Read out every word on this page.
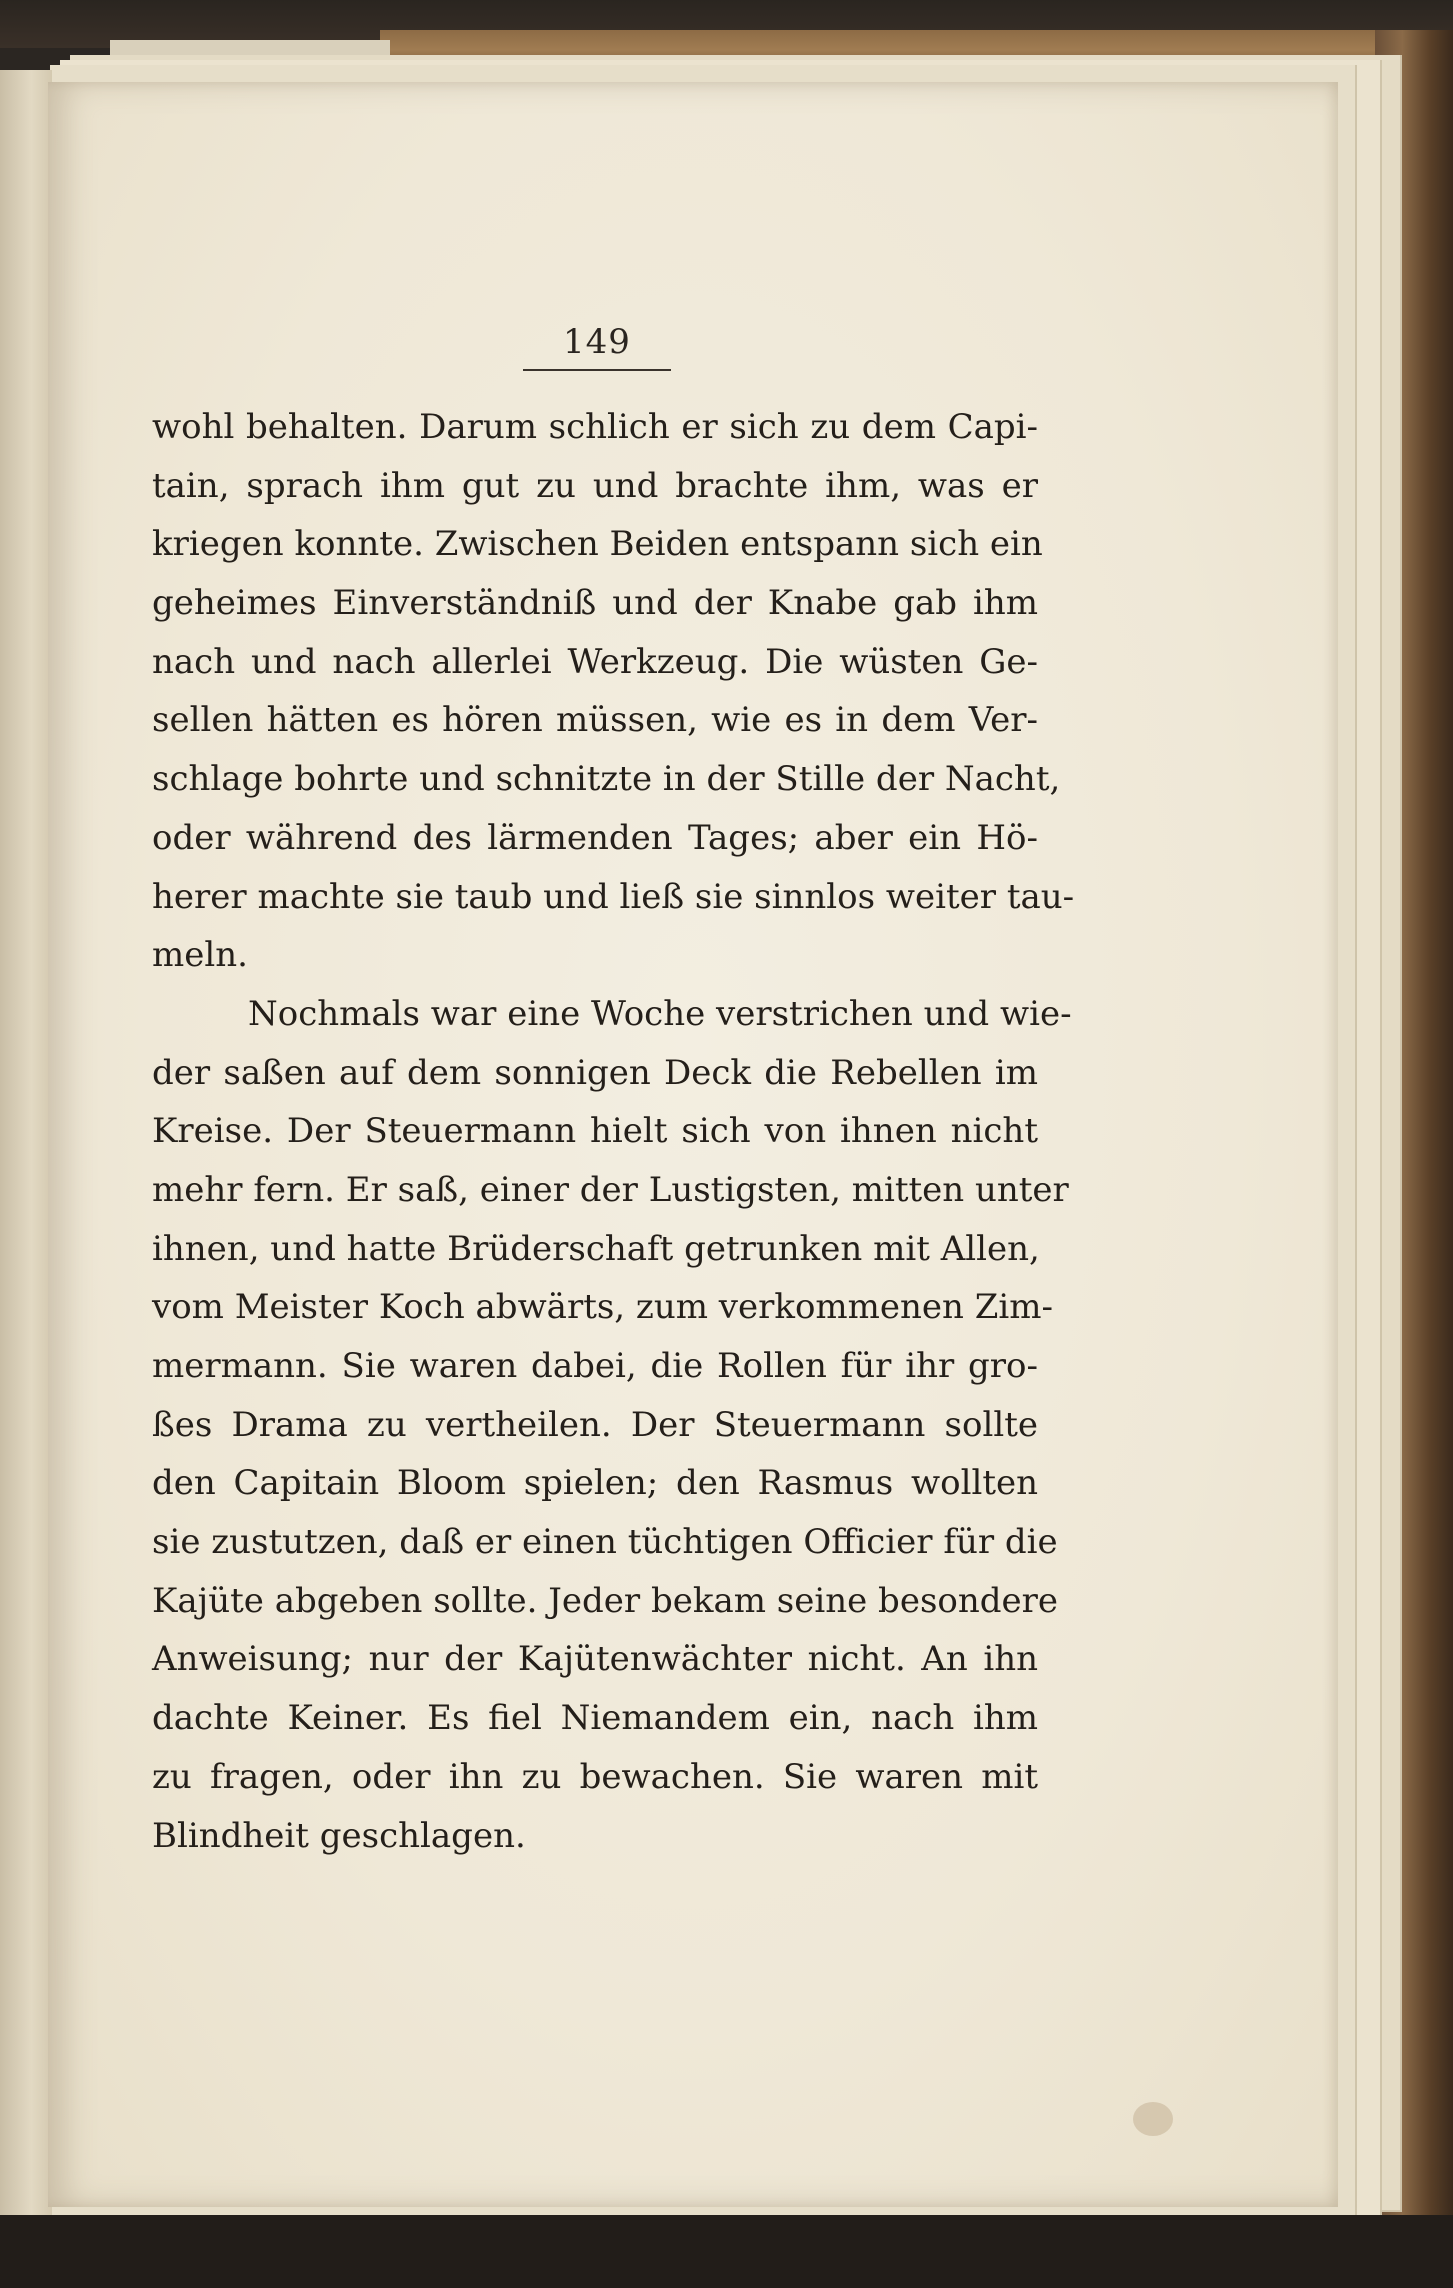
149
wohl behalten. Darum schlich er sich zu dem Capi-
tain, sprach ihm gut zu und brachte ihm, was er
kriegen konnte. Zwischen Beiden entspann sich ein
geheimes Einverständniß und der Knabe gab ihm
nach und nach allerlei Werkzeug. Die wüsten Ge-
sellen hätten es hören müssen, wie es in dem Ver-
schlage bohrte und schnitzte in der Stille der Nacht,
oder während des lärmenden Tages; aber ein Hö-
herer machte sie taub und ließ sie sinnlos weiter tau-
meln.
Nochmals war eine Woche verstrichen und wie-
der saßen auf dem sonnigen Deck die Rebellen im
Kreise. Der Steuermann hielt sich von ihnen nicht
mehr fern. Er saß, einer der Lustigsten, mitten unter
ihnen, und hatte Brüderschaft getrunken mit Allen,
vom Meister Koch abwärts, zum verkommenen Zim-
mermann. Sie waren dabei, die Rollen für ihr gro-
ßes Drama zu vertheilen. Der Steuermann sollte
den Capitain Bloom spielen; den Rasmus wollten
sie zustutzen, daß er einen tüchtigen Officier für die
Kajüte abgeben sollte. Jeder bekam seine besondere
Anweisung; nur der Kajütenwächter nicht. An ihn
dachte Keiner. Es fiel Niemandem ein, nach ihm
zu fragen, oder ihn zu bewachen. Sie waren mit
Blindheit geschlagen.
